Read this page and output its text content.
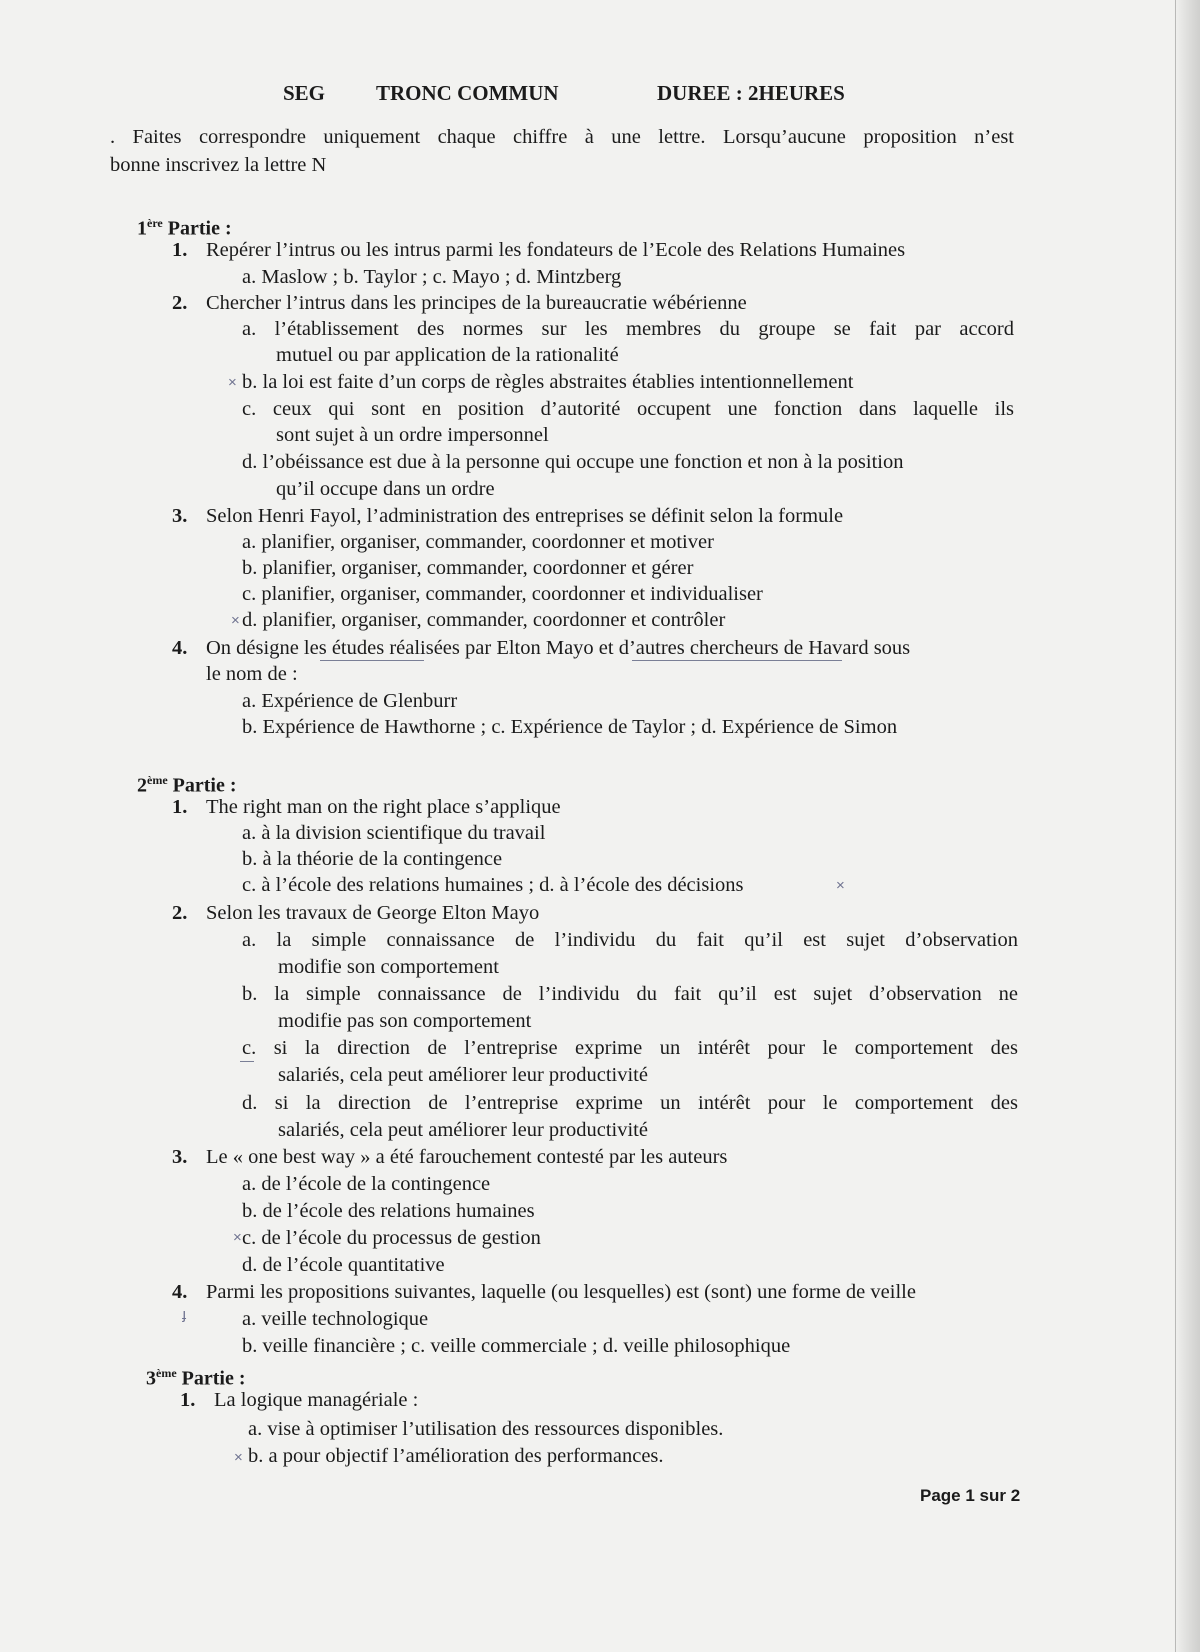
SEG TRONC COMMUN	DUREE : 2HEURES
. Faites correspondre uniquement chaque chiffre à une lettre. Lorsqu’aucune proposition n’est
bonne inscrivez la lettre N
1ère Partie :
1. Repérer l’intrus ou les intrus parmi les fondateurs de l’Ecole des Relations Humaines
a. Maslow ; b. Taylor ; c. Mayo ; d. Mintzberg
2. Chercher l’intrus dans les principes de la bureaucratie wébérienne
a. l’établissement des normes sur les membres du groupe se fait par accord
mutuel ou par application de la rationalité
b. la loi est faite d’un corps de règles abstraites établies intentionnellement
c. ceux qui sont en position d’autorité occupent une fonction dans laquelle ils
sont sujet à un ordre impersonnel
d. l’obéissance est due à la personne qui occupe une fonction et non à la position
qu’il occupe dans un ordre
3. Selon Henri Fayol, l’administration des entreprises se définit selon la formule
a. planifier, organiser, commander, coordonner et motiver
b. planifier, organiser, commander, coordonner et gérer
c. planifier, organiser, commander, coordonner et individualiser
d. planifier, organiser, commander, coordonner et contrôler
4. On désigne les études réalisées par Elton Mayo et d’autres chercheurs de Havard sous
le nom de :
a. Expérience de Glenburr
b. Expérience de Hawthorne ; c. Expérience de Taylor ; d. Expérience de Simon
2ème Partie :
1. The right man on the right place s’applique
a. à la division scientifique du travail
b. à la théorie de la contingence
c. à l’école des relations humaines ; d. à l’école des décisions
2. Selon les travaux de George Elton Mayo
a. la simple connaissance de l’individu du fait qu’il est sujet d’observation
modifie son comportement
b. la simple connaissance de l’individu du fait qu’il est sujet d’observation ne
modifie pas son comportement
c. si la direction de l’entreprise exprime un intérêt pour le comportement des
salariés, cela peut améliorer leur productivité
d. si la direction de l’entreprise exprime un intérêt pour le comportement des
salariés, cela peut améliorer leur productivité
3. Le « one best way » a été farouchement contesté par les auteurs
a. de l’école de la contingence
b. de l’école des relations humaines
c. de l’école du processus de gestion
d. de l’école quantitative
4. Parmi les propositions suivantes, laquelle (ou lesquelles) est (sont) une forme de veille
a. veille technologique
b. veille financière ; c. veille commerciale ; d. veille philosophique
3ème Partie :
1. La logique managériale :
a. vise à optimiser l’utilisation des ressources disponibles.
b. a pour objectif l’amélioration des performances.
Page 1 sur 2
×
×
×
×
×
ɟ
